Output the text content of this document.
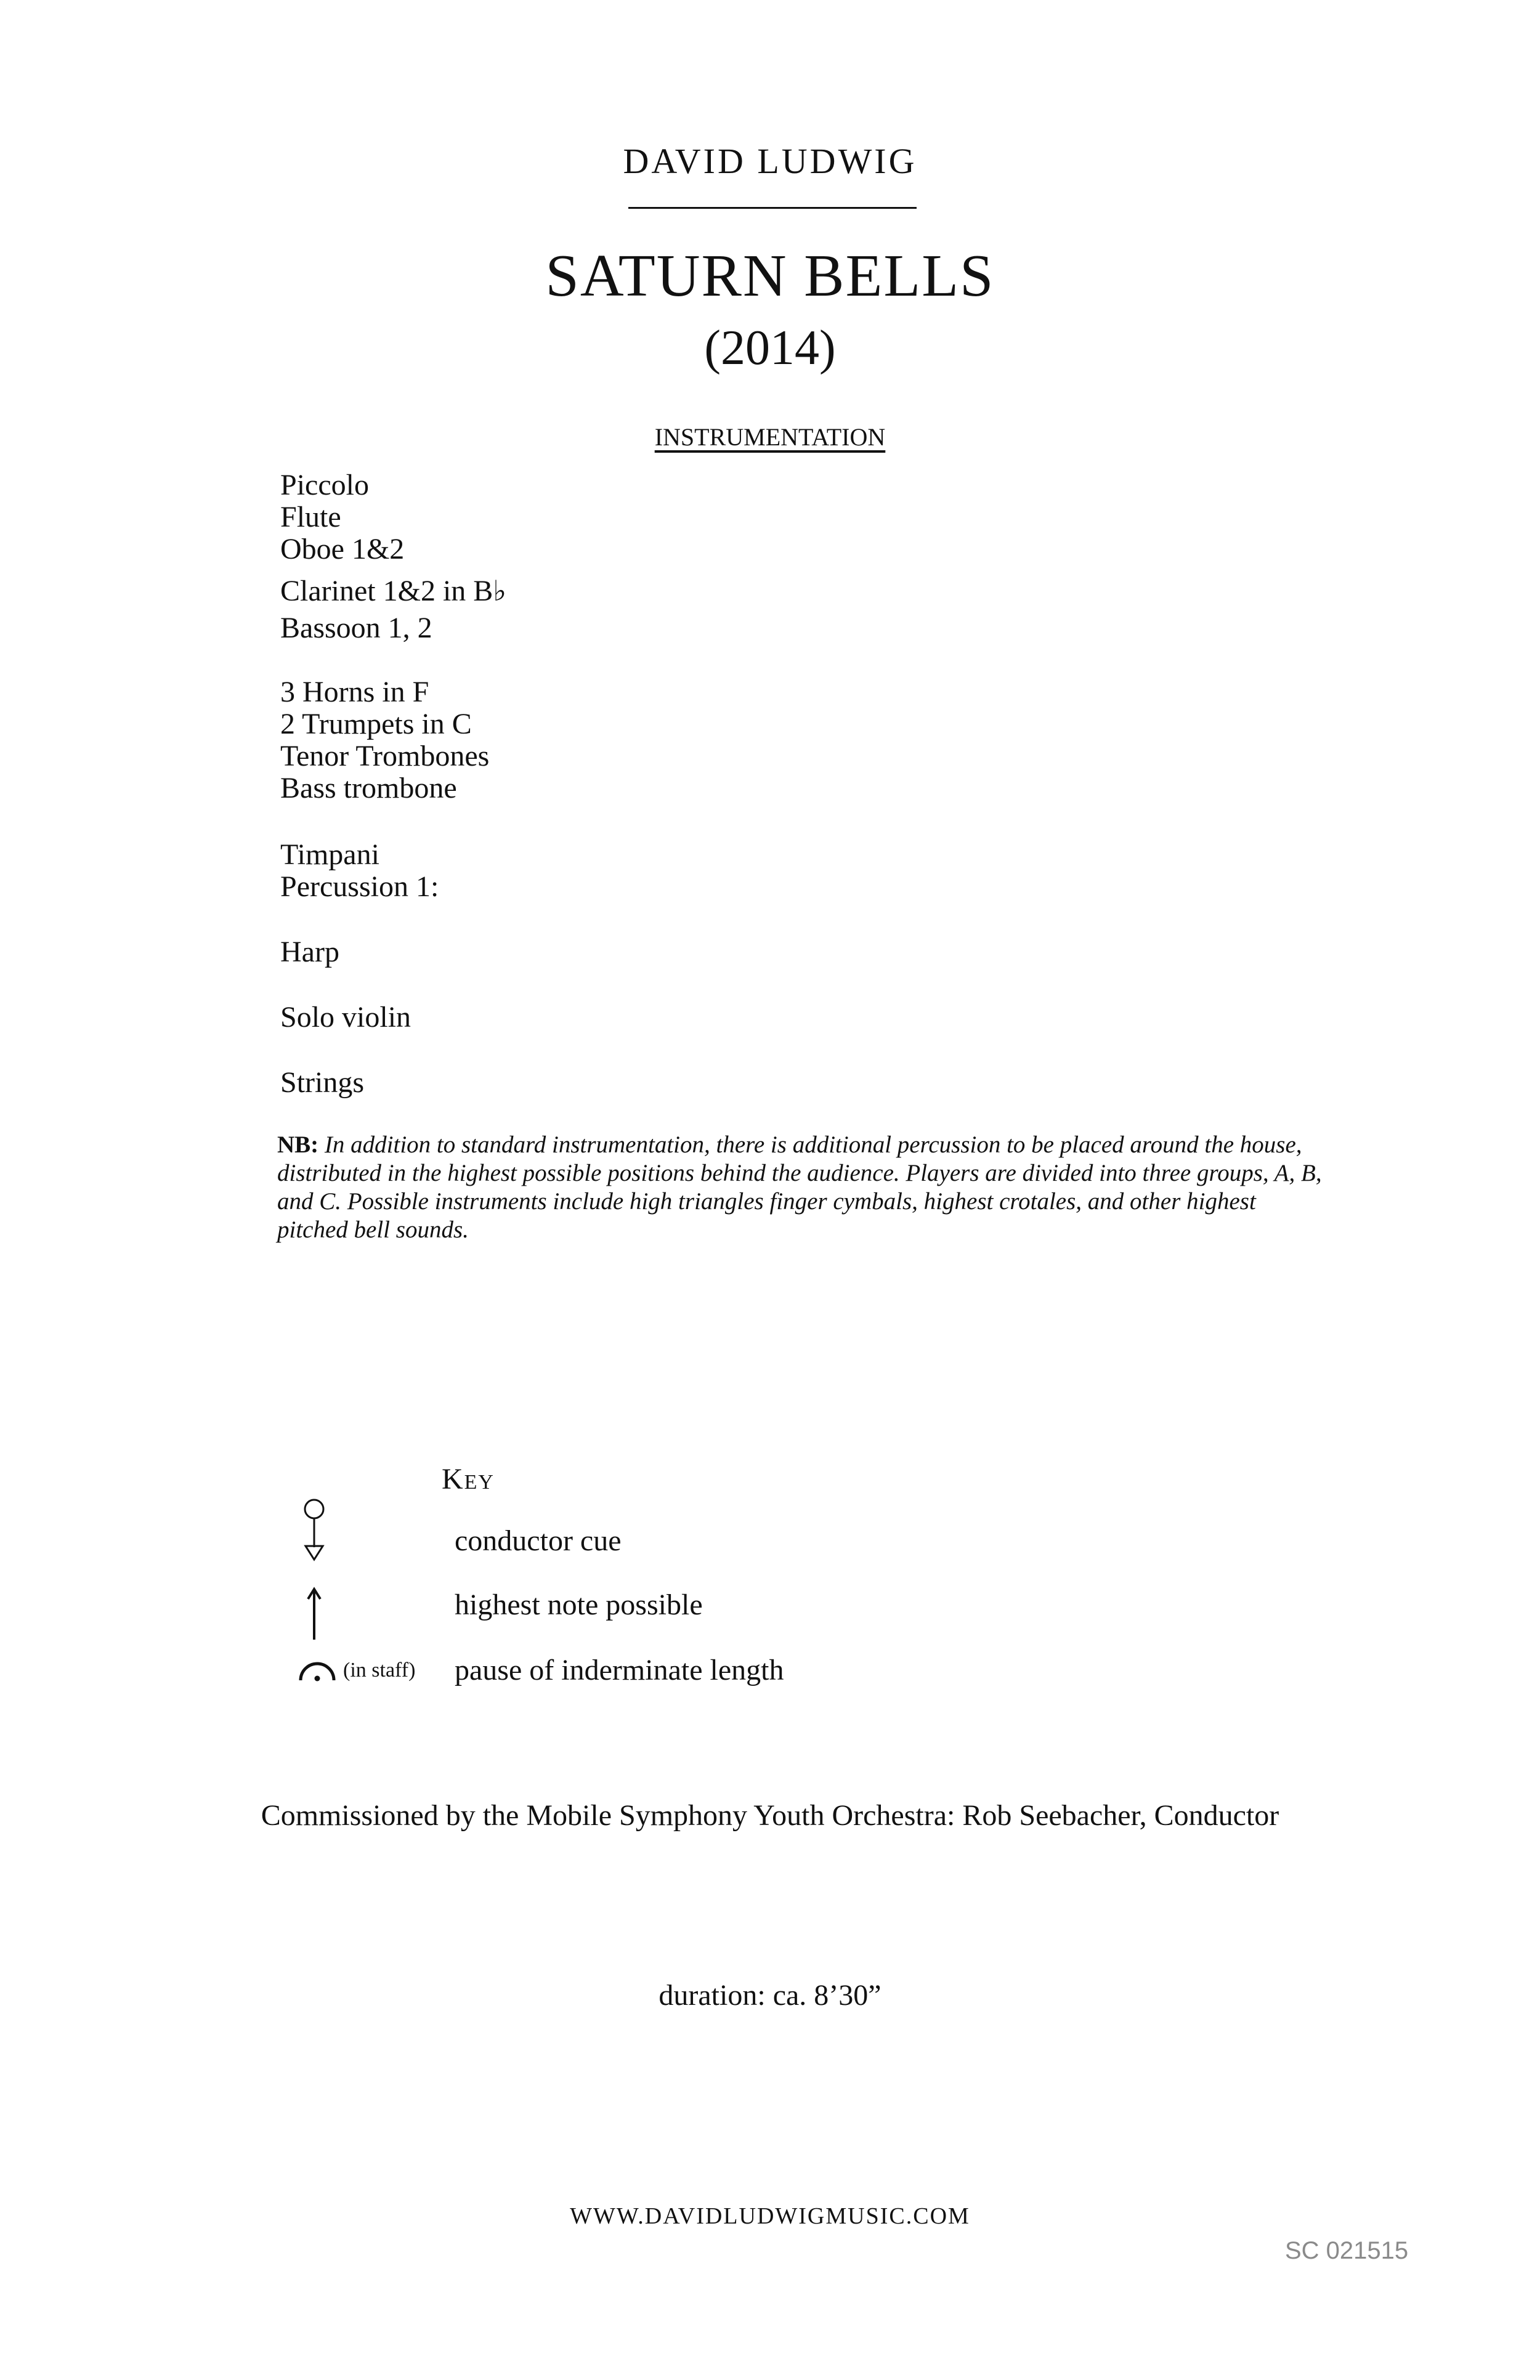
DAVID LUDWIG
SATURN BELLS
(2014)
INSTRUMENTATION
Piccolo
Flute
Oboe 1&2
Clarinet 1&2 in B♭
Bassoon 1, 2
3 Horns in F
2 Trumpets in C
Tenor Trombones
Bass trombone
Timpani
Percussion 1:
Harp
Solo violin
Strings
NB: In addition to standard instrumentation, there is additional percussion to be placed around the house, distributed in the highest possible positions behind the audience. Players are divided into three groups, A, B, and C. Possible instruments include high triangles finger cymbals, highest crotales, and other highest pitched bell sounds.
Key
conductor cue
highest note possible
(in staff) pause of inderminate length
Commissioned by the Mobile Symphony Youth Orchestra: Rob Seebacher, Conductor
duration: ca. 8’30”
WWW.DAVIDLUDWIGMUSIC.COM
SC 021515
